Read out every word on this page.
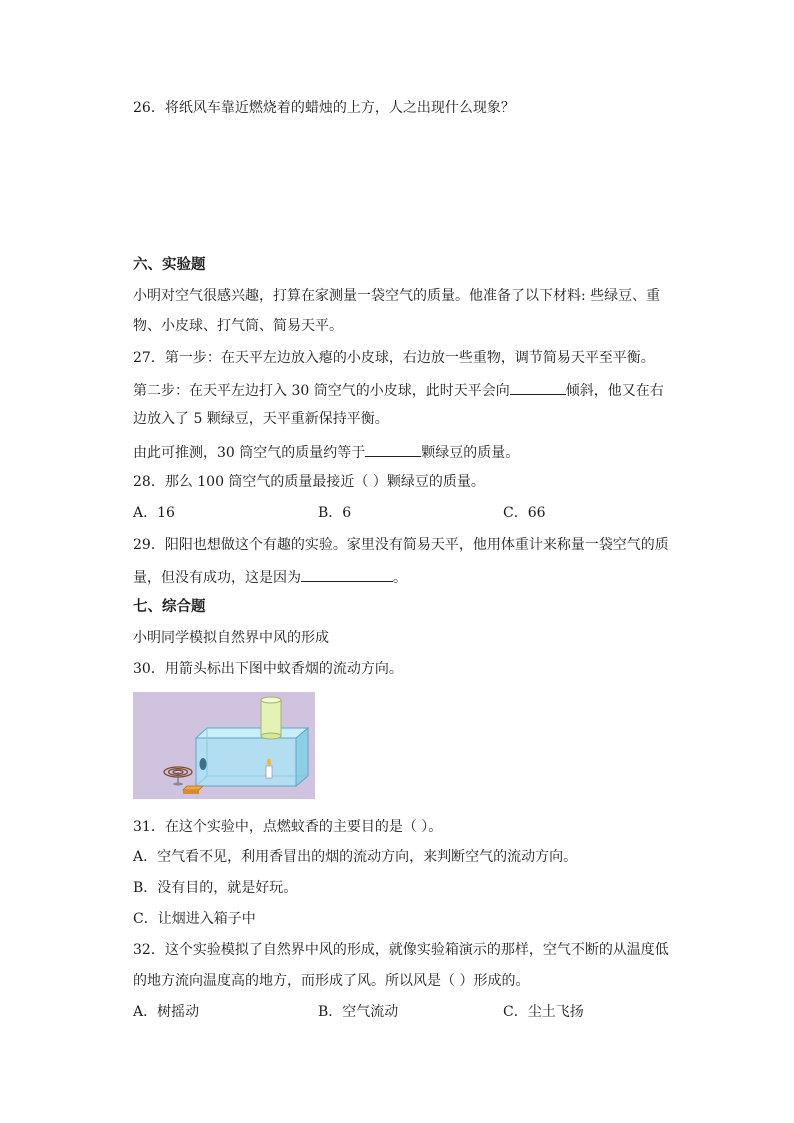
26．将纸风车靠近燃烧着的蜡烛的上方，人之出现什么现象？
六、实验题
小明对空气很感兴趣，打算在家测量一袋空气的质量。他准备了以下材料: 些绿豆、重
物、小皮球、打气筒、简易天平。
27．第一步：在天平左边放入瘪的小皮球，右边放一些重物，调节简易天平至平衡。
第二步：在天平左边打入 30 筒空气的小皮球，此时天平会向	倾斜，他又在右
边放入了 5 颗绿豆，天平重新保持平衡。
由此可推测，30 筒空气的质量约等于	颗绿豆的质量。
28．那么 100 筒空气的质量最接近（ ）颗绿豆的质量。
A．16	B．6	C．66
29．阳阳也想做这个有趣的实验。家里没有简易天平，他用体重计来称量一袋空气的质
量，但没有成功，这是因为	。
七、综合题
小明同学模拟自然界中风的形成
30．用箭头标出下图中蚊香烟的流动方向。
31．在这个实验中，点燃蚊香的主要目的是（ ）。
A．空气看不见，利用香冒出的烟的流动方向，来判断空气的流动方向。
B．没有目的，就是好玩。
C．让烟进入箱子中
32．这个实验模拟了自然界中风的形成，就像实验箱演示的那样，空气不断的从温度低
的地方流向温度高的地方，而形成了风。所以风是（ ）形成的。
A．树摇动	B．空气流动	C．尘土飞扬
